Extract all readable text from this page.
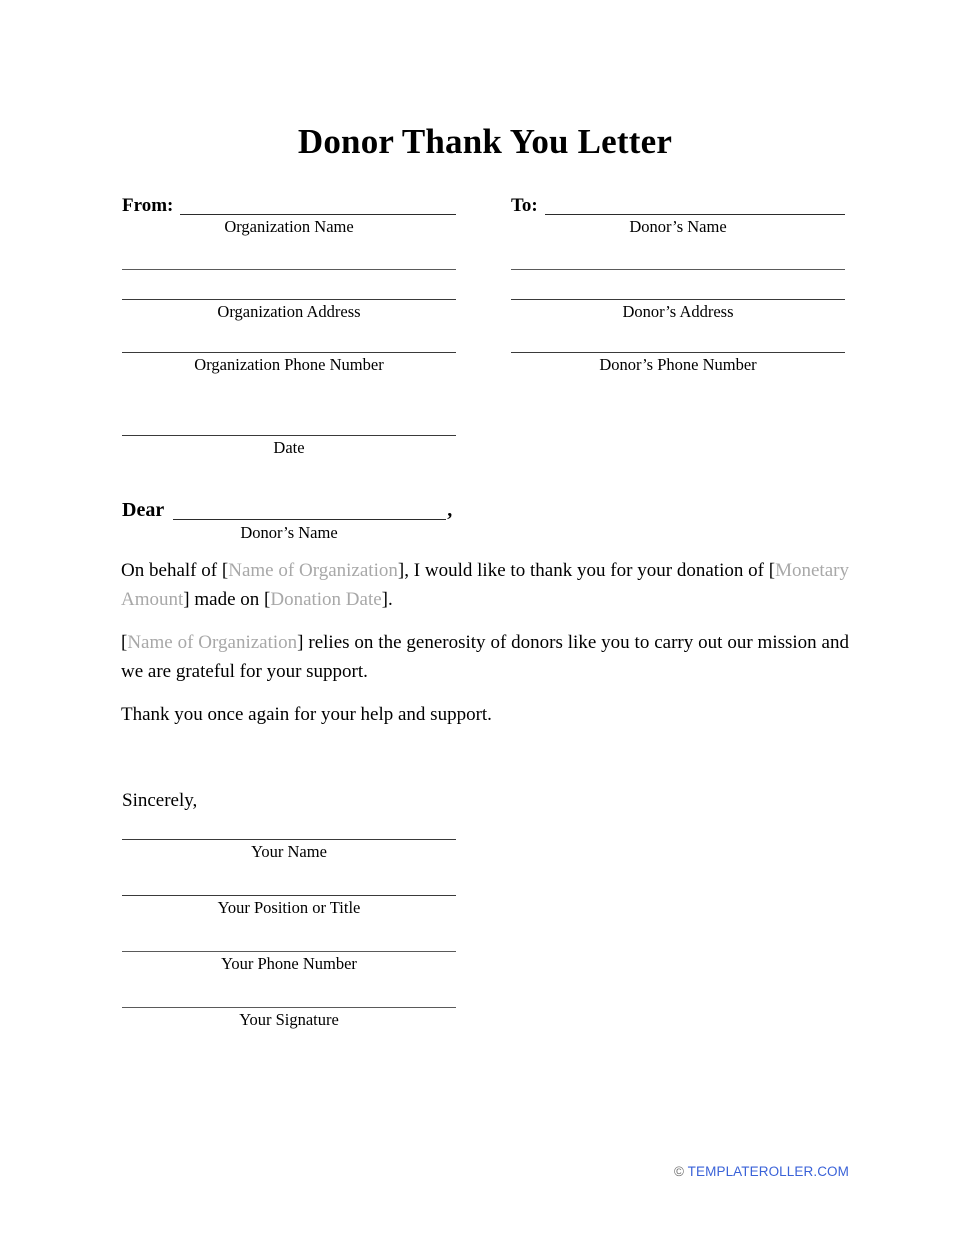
Donor Thank You Letter
From:
Organization Name
Organization Address
Organization Phone Number
Date
To:
Donor’s Name
Donor’s Address
Donor’s Phone Number
Dear	,
Donor’s Name

On behalf of [Name of Organization], I would like to thank you for your donation of [Monetary Amount] made on [Donation Date].

[Name of Organization] relies on the generosity of donors like you to carry out our mission and we are grateful for your support.

Thank you once again for your help and support.

Sincerely,
Your Name
Your Position or Title
Your Phone Number
Your Signature
© TEMPLATEROLLER.COM
